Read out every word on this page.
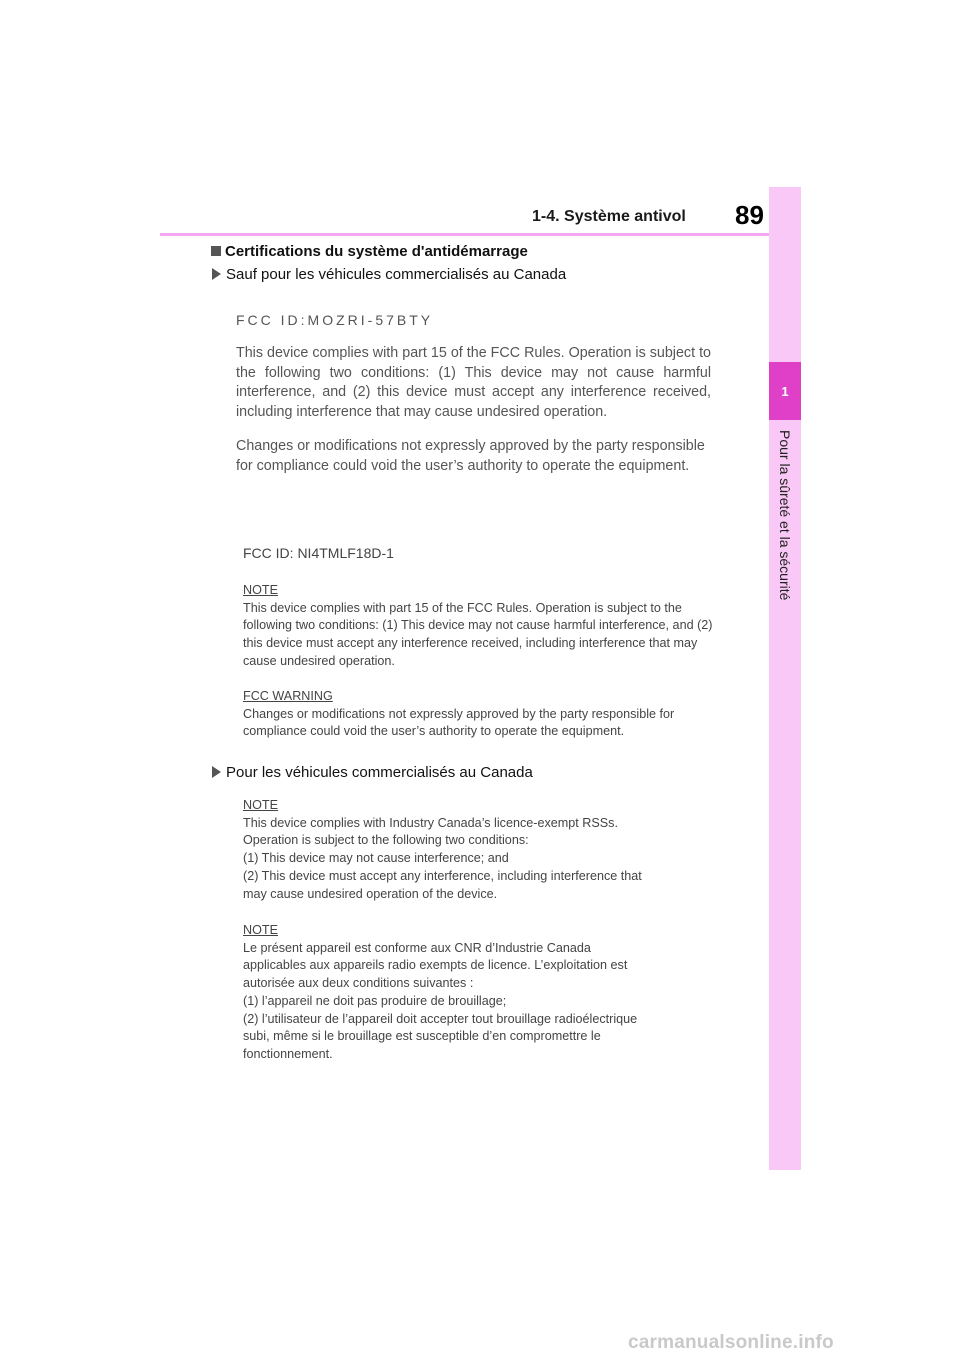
1-4. Système antivol 89
1
Pour la sûreté et la sécurité
Certifications du système d'antidémarrage
Sauf pour les véhicules commercialisés au Canada
FCC ID:MOZRI-57BTY

This device complies with part 15 of the FCC Rules. Operation is subject to the following two conditions: (1) This device may not cause harmful interference, and (2) this device must accept any interference received, including interference that may cause undesired operation.

Changes or modifications not expressly approved by the party responsible for compliance could void the user’s authority to operate the equipment.

FCC ID: NI4TMLF18D-1
NOTE

This device complies with part 15 of the FCC Rules. Operation is subject to the following two conditions: (1) This device may not cause harmful interference, and (2) this device must accept any interference received, including interference that may cause undesired operation.

FCC WARNING

Changes or modifications not expressly approved by the party responsible for compliance could void the user’s authority to operate the equipment.

Pour les véhicules commercialisés au Canada
NOTE
This device complies with Industry Canada’s licence-exempt RSSs.
Operation is subject to the following two conditions:
(1) This device may not cause interference; and
(2) This device must accept any interference, including interference that
may cause undesired operation of the device.
NOTE
Le présent appareil est conforme aux CNR d’Industrie Canada
applicables aux appareils radio exempts de licence. L’exploitation est
autorisée aux deux conditions suivantes :
(1) l’appareil ne doit pas produire de brouillage;
(2) l’utilisateur de l’appareil doit accepter tout brouillage radioélectrique
subi, même si le brouillage est susceptible d’en compromettre le
fonctionnement.
carmanualsonline.info
